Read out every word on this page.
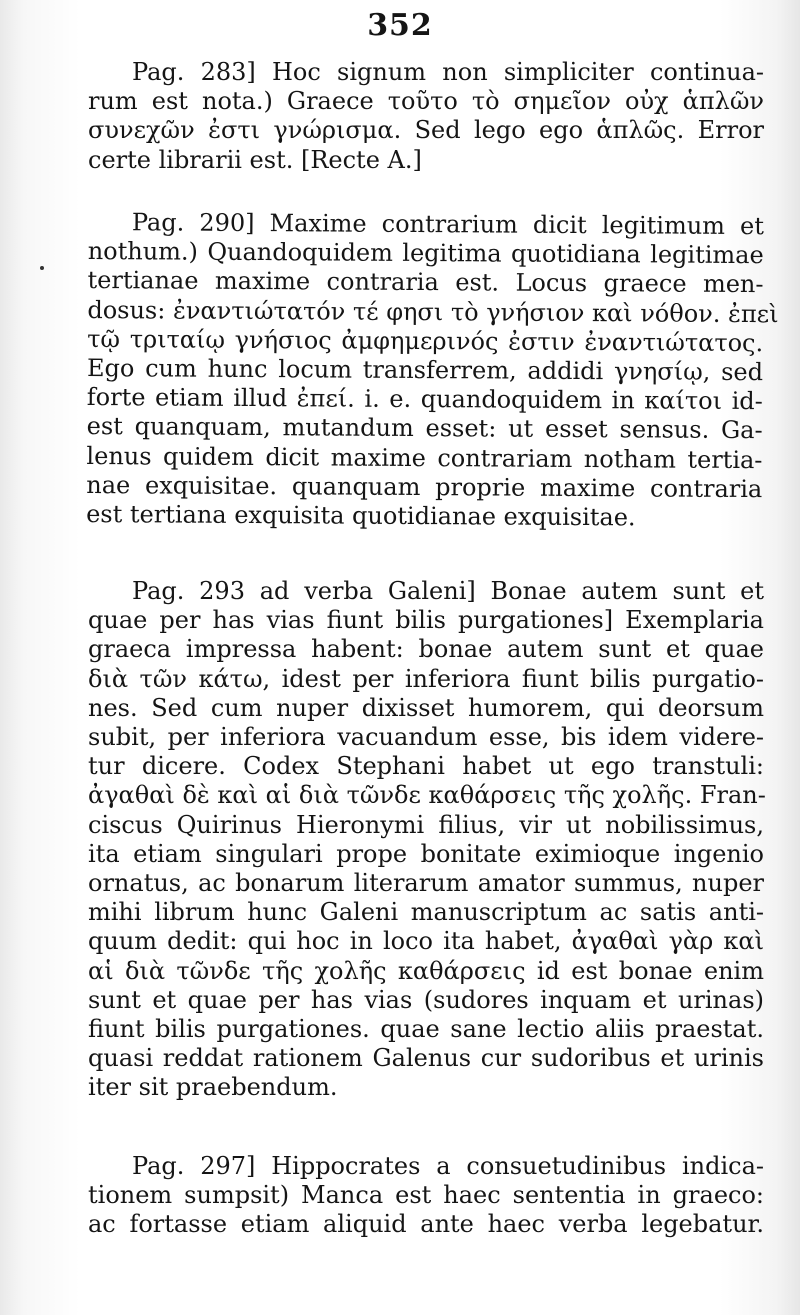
352
Pag. 283] Hoc signum non simpliciter continua-
rum est nota.) Graece τοῦτο τὸ σημεῖον οὐχ ἁπλῶν
συνεχῶν ἐστι γνώρισμα. Sed lego ego ἁπλῶς. Error
certe librarii est. [Recte A.]
Pag. 290] Maxime contrarium dicit legitimum et
nothum.) Quandoquidem legitima quotidiana legitimae
tertianae maxime contraria est. Locus graece men-
dosus: ἐναντιώτατόν τέ φησι τὸ γνήσιον καὶ νόθον. ἐπεὶ
τῷ τριταίῳ γνήσιος ἀμφημερινός ἐστιν ἐναντιώτατος.
Ego cum hunc locum transferrem, addidi γνησίῳ, sed
forte etiam illud ἐπεί. i. e. quandoquidem in καίτοι id-
est quanquam, mutandum esset: ut esset sensus. Ga-
lenus quidem dicit maxime contrariam notham tertia-
nae exquisitae. quanquam proprie maxime contraria
est tertiana exquisita quotidianae exquisitae.
Pag. 293 ad verba Galeni] Bonae autem sunt et
quae per has vias fiunt bilis purgationes] Exemplaria
graeca impressa habent: bonae autem sunt et quae
διὰ τῶν κάτω, idest per inferiora fiunt bilis purgatio-
nes. Sed cum nuper dixisset humorem, qui deorsum
subit, per inferiora vacuandum esse, bis idem videre-
tur dicere. Codex Stephani habet ut ego transtuli:
ἀγαθαὶ δὲ καὶ αἱ διὰ τῶνδε καθάρσεις τῆς χολῆς. Fran-
ciscus Quirinus Hieronymi filius, vir ut nobilissimus,
ita etiam singulari prope bonitate eximioque ingenio
ornatus, ac bonarum literarum amator summus, nuper
mihi librum hunc Galeni manuscriptum ac satis anti-
quum dedit: qui hoc in loco ita habet, ἀγαθαὶ γὰρ καὶ
αἱ διὰ τῶνδε τῆς χολῆς καθάρσεις id est bonae enim
sunt et quae per has vias (sudores inquam et urinas)
fiunt bilis purgationes. quae sane lectio aliis praestat.
quasi reddat rationem Galenus cur sudoribus et urinis
iter sit praebendum.
Pag. 297] Hippocrates a consuetudinibus indica-
tionem sumpsit) Manca est haec sententia in graeco:
ac fortasse etiam aliquid ante haec verba legebatur.
